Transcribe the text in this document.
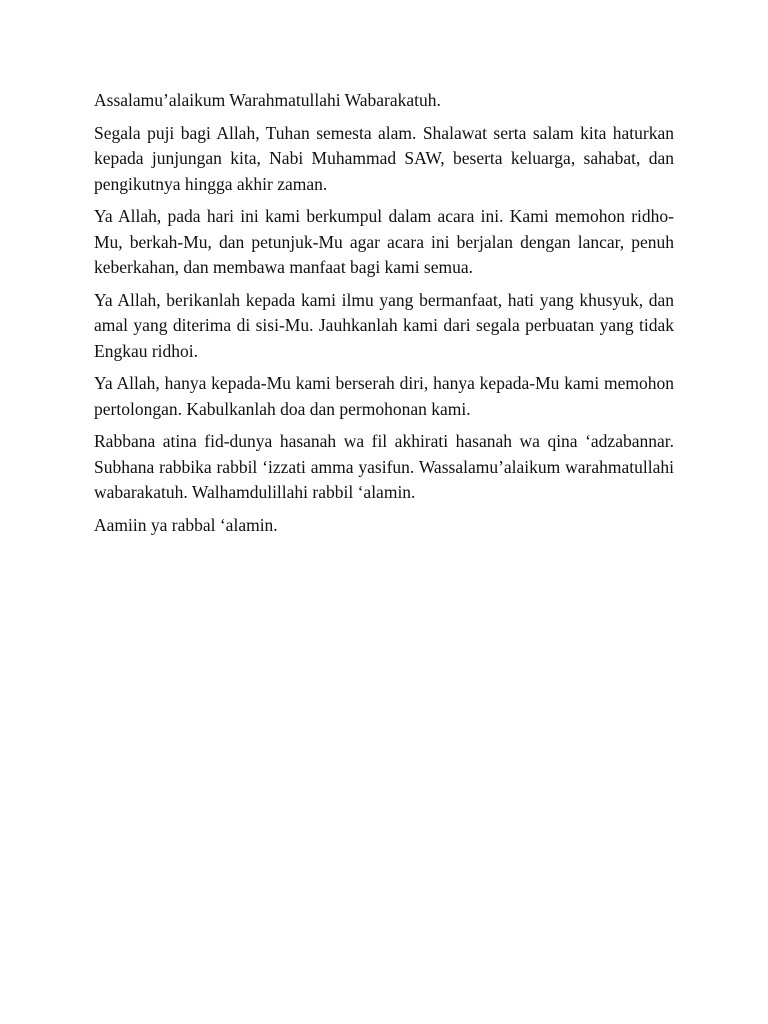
Assalamu’alaikum Warahmatullahi Wabarakatuh.

Segala puji bagi Allah, Tuhan semesta alam. Shalawat serta salam kita haturkan kepada junjungan kita, Nabi Muhammad SAW, beserta keluarga, sahabat, dan pengikutnya hingga akhir zaman.

Ya Allah, pada hari ini kami berkumpul dalam acara ini. Kami memohon ridho-Mu, berkah-Mu, dan petunjuk-Mu agar acara ini berjalan dengan lancar, penuh keberkahan, dan membawa manfaat bagi kami semua.

Ya Allah, berikanlah kepada kami ilmu yang bermanfaat, hati yang khusyuk, dan amal yang diterima di sisi-Mu. Jauhkanlah kami dari segala perbuatan yang tidak Engkau ridhoi.

Ya Allah, hanya kepada-Mu kami berserah diri, hanya kepada-Mu kami memohon pertolongan. Kabulkanlah doa dan permohonan kami.

Rabbana atina fid-dunya hasanah wa fil akhirati hasanah wa qina ‘adzabannar. Subhana rabbika rabbil ‘izzati amma yasifun. Wassalamu’alaikum warahmatullahi wabarakatuh. Walhamdulillahi rabbil ‘alamin.

Aamiin ya rabbal ‘alamin.
